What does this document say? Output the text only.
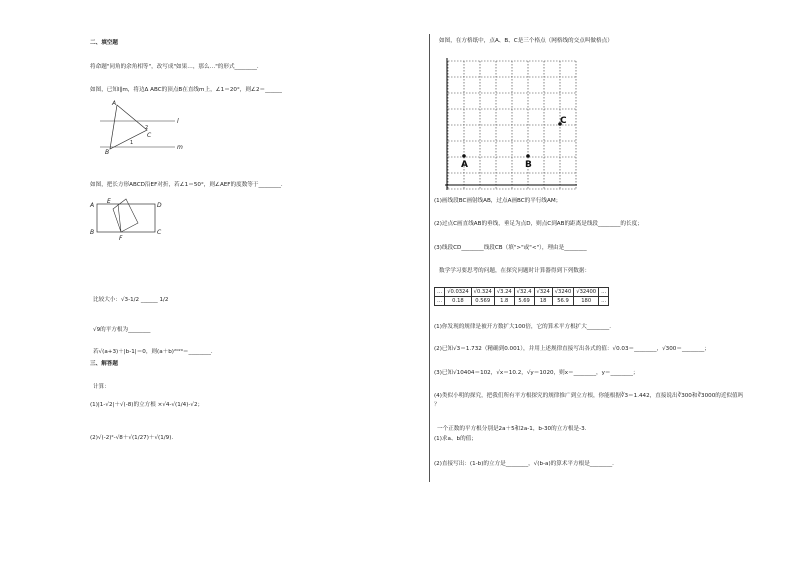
二、填空题
将命题"同角的余角相等"，改写成"如果…，那么…"的形式________.
如图，已知l∥m，将边Δ ABC的顶点B在直线m上，∠1＝20°，则∠2＝______
A
B
C
1
2
l
m
如图，把长方形ABCD沿EF对折，若∠1＝50°，则∠AEF的度数等于________.
A
B	C
D
E
F
比较大小：√3-1/2 ______ 1/2
√9的平方根为________
若√(a+3)＋|b-1|＝0，则(a＋b)²⁰²⁰＝________.
三、解答题
计算：
(1)|1-√2|＋√(-8)的立方根 ×√4-√(1/4)-√2；
(2)√(-2)²-√8＋√(1/27)＋√(1/9).
如图，在方格纸中，点A、B、C是三个格点（网格线的交点叫做格点）
A	B
C
(1)画线段BC画射线AB，过点A画BC的平行线AM；
(2)过点C画直线AB的垂线，垂足为点D，则点C到AB的距离是线段________的长度；
(3)线段CD________线段CB（填">"或"<"），理由是________
数学学习要思考的问题，在探究问题时计算器得到下列数据：
…	√0.0324	√0.324	√3.24	√32.4	√324	√3240	√32400	…
…	0.18	0.569	1.8	5.69	18	56.9	180	…
(1)你发现的规律是被开方数扩大100倍，它的算术平方根扩大________.
(2)已知√3＝1.732（精确到0.001），并用上述规律直接写出各式的值：√0.03＝________，√300＝________；
(3)已知√10404＝102，√x＝10.2，√y＝1020，则x＝________，y＝________；
(4)类似小明的探究，把我们所有平方根探究的规律推广到立方根，你能根据∛3＝1.442，直接说出∛300和∛3000的近似值吗
？
一个正数的平方根分别是2a＋5和2a-1，b-30的立方根是-3.
(1)求a、b的值；
(2)直接写出：(1-b)的立方是________，√(b-a)的算术平方根是________.
